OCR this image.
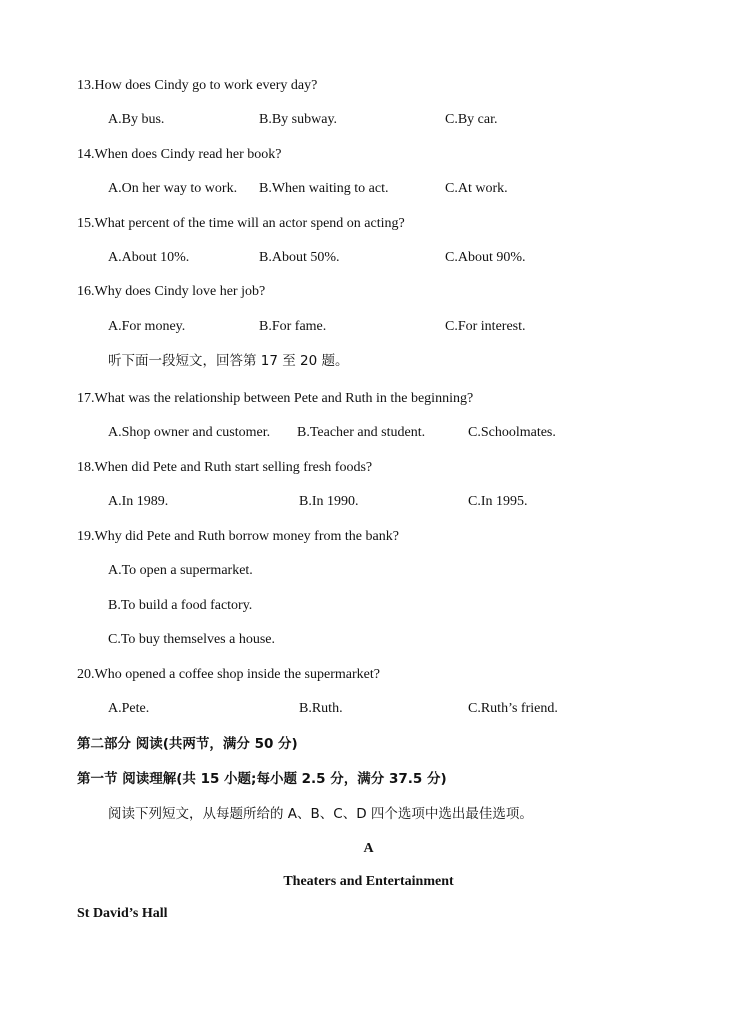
13.How does Cindy go to work every day?
A.By bus.	B.By subway.	C.By car.
14.When does Cindy read her book?
A.On her way to work. B.When waiting to act.	C.At work.
15.What percent of the time will an actor spend on acting?
A.About 10%.	B.About 50%.	C.About 90%.
16.Why does Cindy love her job?
A.For money.	B.For fame.	C.For interest.
听下面一段短文，回答第 17 至 20 题。
17.What was the relationship between Pete and Ruth in the beginning?
A.Shop owner and customer. B.Teacher and student.	C.Schoolmates.
18.When did Pete and Ruth start selling fresh foods?
A.In 1989.	B.In 1990.	C.In 1995.
19.Why did Pete and Ruth borrow money from the bank?
A.To open a supermarket.
B.To build a food factory.
C.To buy themselves a house.
20.Who opened a coffee shop inside the supermarket?
A.Pete.	B.Ruth.	C.Ruth’s friend.
第二部分 阅读(共两节，满分 50 分)
第一节 阅读理解(共 15 小题;每小题 2.5 分，满分 37.5 分)
阅读下列短文，从每题所给的 A、B、C、D 四个选项中选出最佳选项。
A
Theaters and Entertainment
St David’s Hall
